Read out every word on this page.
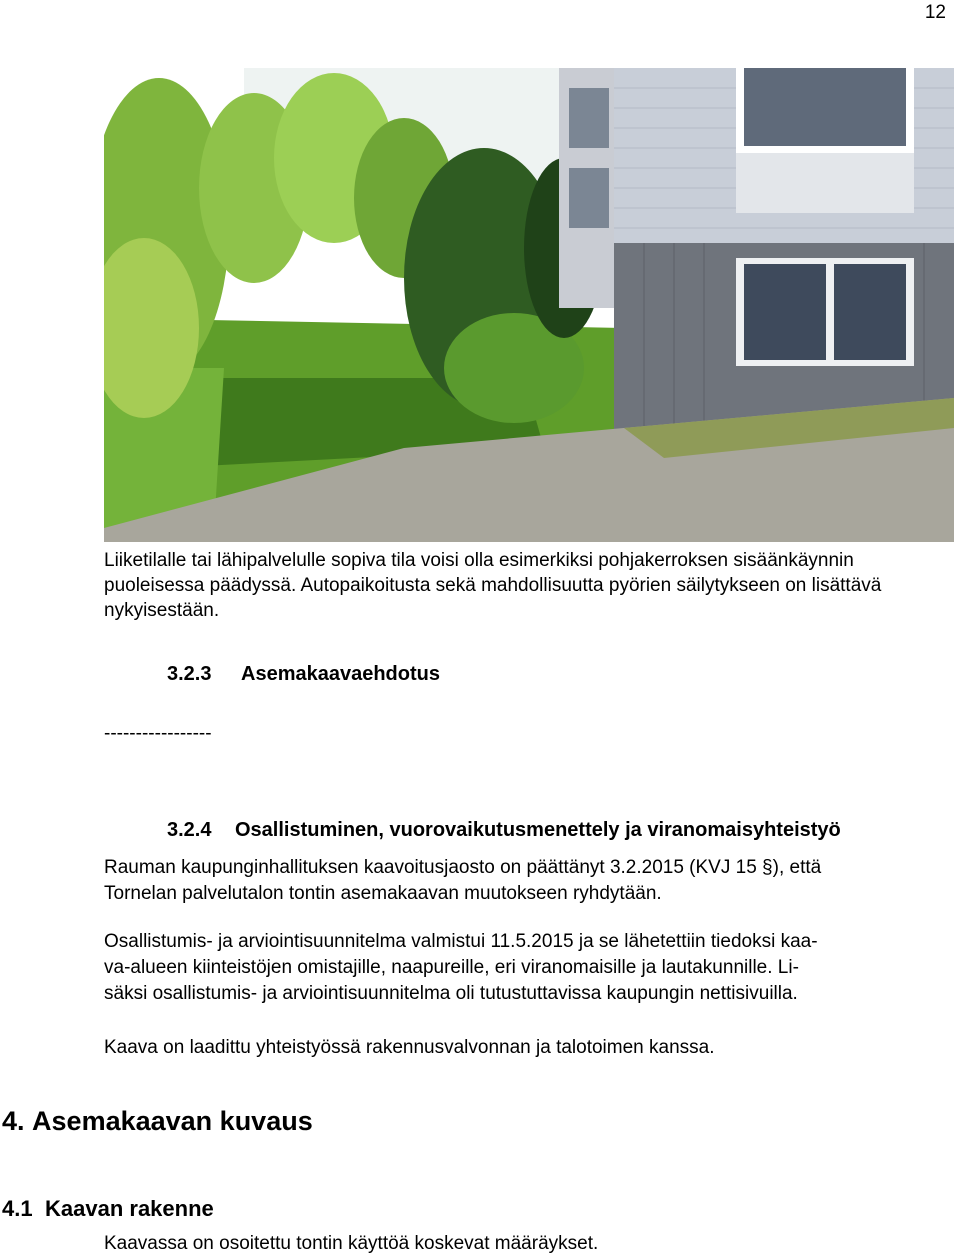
12
Liiketilalle tai lähipalvelulle sopiva tila voisi olla esimerkiksi pohjakerroksen sisäänkäynnin
puoleisessa päädyssä. Autopaikoitusta sekä mahdollisuutta pyörien säilytykseen on lisättävä
nykyisestään.
3.2.3 Asemakaavaehdotus
-----------------
3.2.4 Osallistuminen, vuorovaikutusmenettely ja viranomaisyhteistyö
Rauman kaupunginhallituksen kaavoitusjaosto on päättänyt 3.2.2015 (KVJ 15 §), että
Tornelan palvelutalon tontin asemakaavan muutokseen ryhdytään.
Osallistumis- ja arviointisuunnitelma valmistui 11.5.2015 ja se lähetettiin tiedoksi kaa-
va-alueen kiinteistöjen omistajille, naapureille, eri viranomaisille ja lautakunnille. Li-
säksi osallistumis- ja arviointisuunnitelma oli tutustuttavissa kaupungin nettisivuilla.
Kaava on laadittu yhteistyössä rakennusvalvonnan ja talotoimen kanssa.
4. Asemakaavan kuvaus
4.1 Kaavan rakenne
Kaavassa on osoitettu tontin käyttöä koskevat määräykset.
